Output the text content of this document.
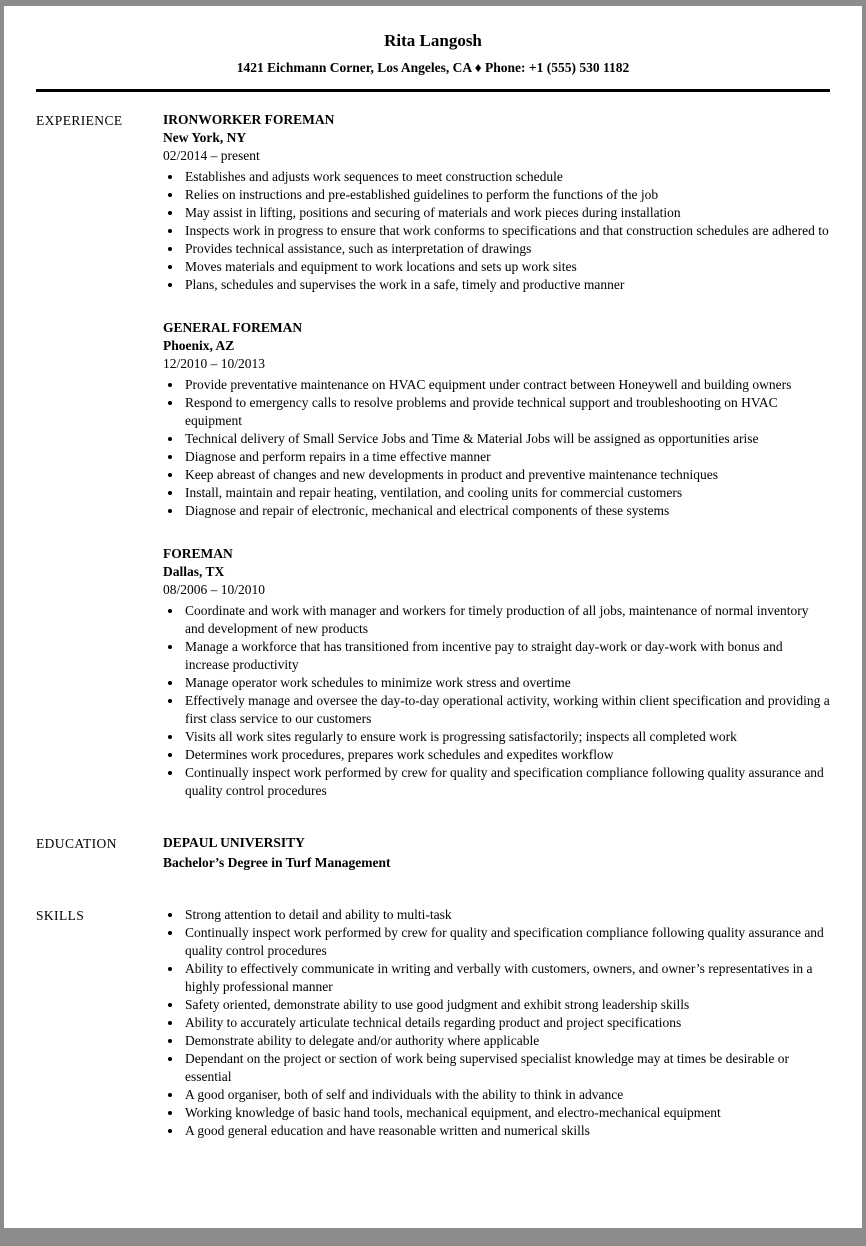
Rita Langosh
1421 Eichmann Corner, Los Angeles, CA ♦ Phone: +1 (555) 530 1182
EXPERIENCE	IRONWORKER FOREMAN
New York, NY
02/2014 – present
• Establishes and adjusts work sequences to meet construction schedule
• Relies on instructions and pre-established guidelines to perform the functions of the job
• May assist in lifting, positions and securing of materials and work pieces during installation
• Inspects work in progress to ensure that work conforms to specifications and that construction schedules are adhered to
• Provides technical assistance, such as interpretation of drawings
• Moves materials and equipment to work locations and sets up work sites
• Plans, schedules and supervises the work in a safe, timely and productive manner
GENERAL FOREMAN
Phoenix, AZ
12/2010 – 10/2013
• Provide preventative maintenance on HVAC equipment under contract between Honeywell and building owners
• Respond to emergency calls to resolve problems and provide technical support and troubleshooting on HVAC equipment
• Technical delivery of Small Service Jobs and Time & Material Jobs will be assigned as opportunities arise
• Diagnose and perform repairs in a time effective manner
• Keep abreast of changes and new developments in product and preventive maintenance techniques
• Install, maintain and repair heating, ventilation, and cooling units for commercial customers
• Diagnose and repair of electronic, mechanical and electrical components of these systems
FOREMAN
Dallas, TX
08/2006 – 10/2010
• Coordinate and work with manager and workers for timely production of all jobs, maintenance of normal inventory and development of new products
• Manage a workforce that has transitioned from incentive pay to straight day-work or day-work with bonus and increase productivity
• Manage operator work schedules to minimize work stress and overtime
• Effectively manage and oversee the day-to-day operational activity, working within client specification and providing a first class service to our customers
• Visits all work sites regularly to ensure work is progressing satisfactorily; inspects all completed work
• Determines work procedures, prepares work schedules and expedites workflow
• Continually inspect work performed by crew for quality and specification compliance following quality assurance and quality control procedures
EDUCATION	DEPAUL UNIVERSITY
Bachelor’s Degree in Turf Management
SKILLS	• Strong attention to detail and ability to multi-task
• Continually inspect work performed by crew for quality and specification compliance following quality assurance and quality control procedures
• Ability to effectively communicate in writing and verbally with customers, owners, and owner’s representatives in a highly professional manner
• Safety oriented, demonstrate ability to use good judgment and exhibit strong leadership skills
• Ability to accurately articulate technical details regarding product and project specifications
• Demonstrate ability to delegate and/or authority where applicable
• Dependant on the project or section of work being supervised specialist knowledge may at times be desirable or essential
• A good organiser, both of self and individuals with the ability to think in advance
• Working knowledge of basic hand tools, mechanical equipment, and electro-mechanical equipment
• A good general education and have reasonable written and numerical skills
